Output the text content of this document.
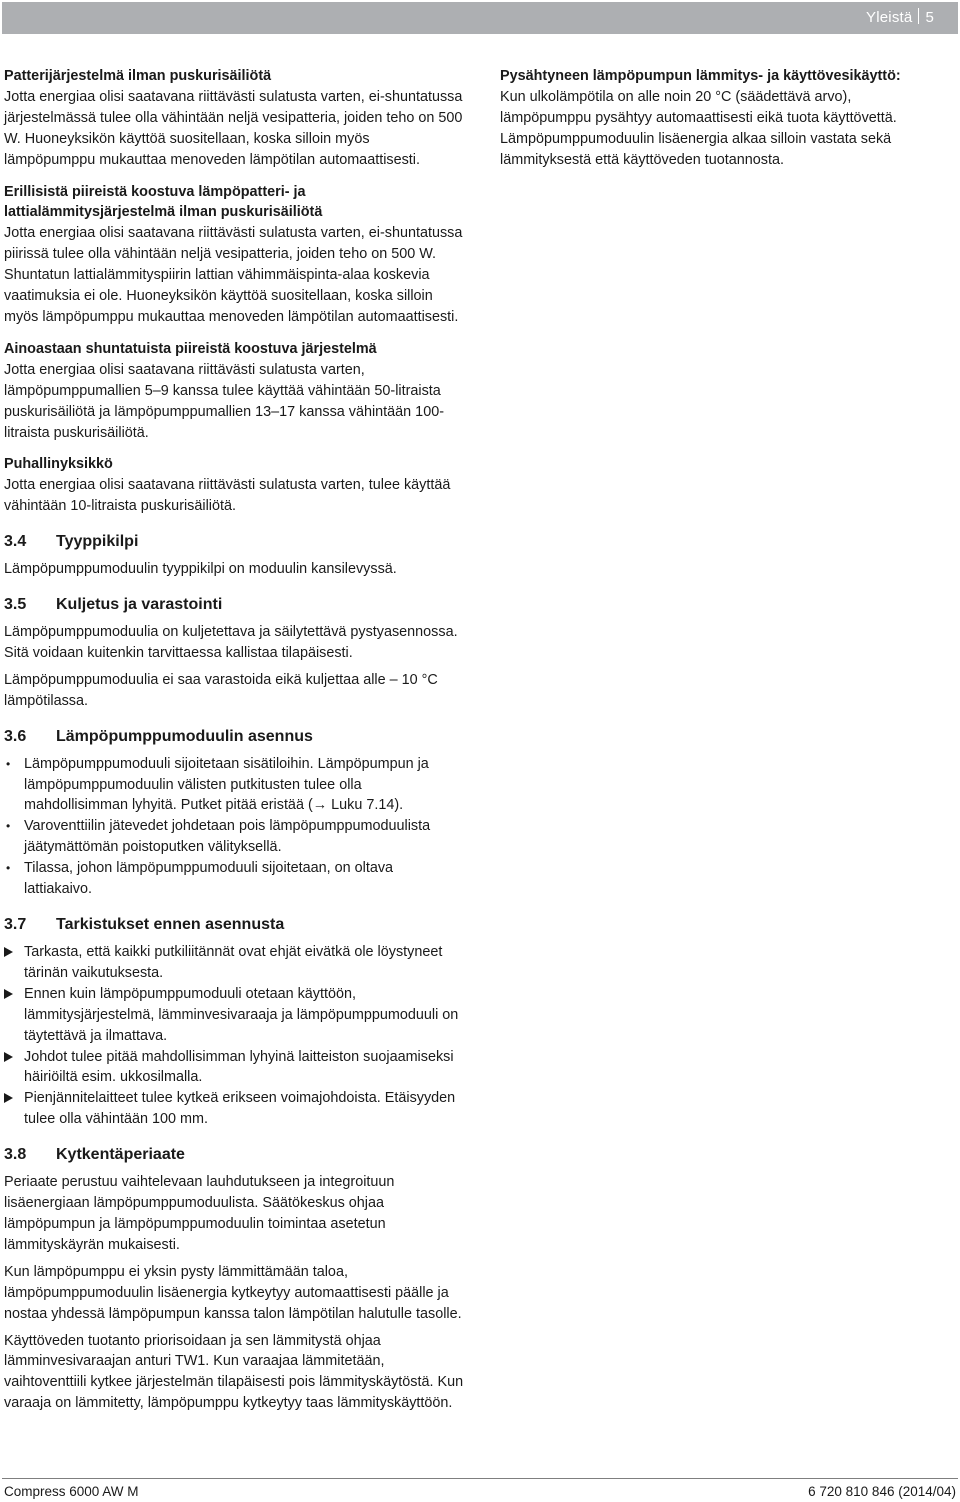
Yleistä 5

Patterijärjestelmä ilman puskurisäiliötä

Jotta energiaa olisi saatavana riittävästi sulatusta varten, ei-shuntatussa järjestelmässä tulee olla vähintään neljä vesipatteria, joiden teho on 500 W. Huoneyksikön käyttöä suositellaan, koska silloin myös lämpöpumppu mukauttaa menoveden lämpötilan automaattisesti.

Erillisistä piireistä koostuva lämpöpatteri- ja lattialämmitysjärjestelmä ilman puskurisäiliötä

Jotta energiaa olisi saatavana riittävästi sulatusta varten, ei-shuntatussa piirissä tulee olla vähintään neljä vesipatteria, joiden teho on 500 W. Shuntatun lattialämmityspiirin lattian vähimmäispinta-alaa koskevia vaatimuksia ei ole. Huoneyksikön käyttöä suositellaan, koska silloin myös lämpöpumppu mukauttaa menoveden lämpötilan automaattisesti.

Ainoastaan shuntatuista piireistä koostuva järjestelmä

Jotta energiaa olisi saatavana riittävästi sulatusta varten, lämpöpumppumallien 5–9 kanssa tulee käyttää vähintään 50-litraista puskurisäiliötä ja lämpöpumppumallien 13–17 kanssa vähintään 100-litraista puskurisäiliötä.

Puhallinyksikkö

Jotta energiaa olisi saatavana riittävästi sulatusta varten, tulee käyttää vähintään 10-litraista puskurisäiliötä.

3.4	Tyyppikilpi

Lämpöpumppumoduulin tyyppikilpi on moduulin kansilevyssä.

3.5	Kuljetus ja varastointi

Lämpöpumppumoduulia on kuljetettava ja säilytettävä pystyasennossa. Sitä voidaan kuitenkin tarvittaessa kallistaa tilapäisesti.

Lämpöpumppumoduulia ei saa varastoida eikä kuljettaa alle – 10 °C lämpötilassa.

3.6	Lämpöpumppumoduulin asennus
• Lämpöpumppumoduuli sijoitetaan sisätiloihin. Lämpöpumpun ja lämpöpumppumoduulin välisten putkitusten tulee olla mahdollisimman lyhyitä. Putket pitää eristää (→ Luku 7.14).
• Varoventtiilin jätevedet johdetaan pois lämpöpumppumoduulista jäätymättömän poistoputken välityksellä.
• Tilassa, johon lämpöpumppumoduuli sijoitetaan, on oltava lattiakaivo.
3.7	Tarkistukset ennen asennusta
Tarkasta, että kaikki putkiliitännät ovat ehjät eivätkä ole löystyneet tärinän vaikutuksesta.
Ennen kuin lämpöpumppumoduuli otetaan käyttöön, lämmitysjärjestelmä, lämminvesivaraaja ja lämpöpumppumoduuli on täytettävä ja ilmattava.
Johdot tulee pitää mahdollisimman lyhyinä laitteiston suojaamiseksi häiriöiltä esim. ukkosilmalla.
Pienjännitelaitteet tulee kytkeä erikseen voimajohdoista. Etäisyyden tulee olla vähintään 100 mm.
3.8	Kytkentäperiaate

Periaate perustuu vaihtelevaan lauhdutukseen ja integroituun lisäenergiaan lämpöpumppumoduulista. Säätökeskus ohjaa lämpöpumpun ja lämpöpumppumoduulin toimintaa asetetun lämmityskäyrän mukaisesti.

Kun lämpöpumppu ei yksin pysty lämmittämään taloa, lämpöpumppumoduulin lisäenergia kytkeytyy automaattisesti päälle ja nostaa yhdessä lämpöpumpun kanssa talon lämpötilan halutulle tasolle.

Käyttöveden tuotanto priorisoidaan ja sen lämmitystä ohjaa lämminvesivaraajan anturi TW1. Kun varaajaa lämmitetään, vaihtoventtiili kytkee järjestelmän tilapäisesti pois lämmityskäytöstä. Kun varaaja on lämmitetty, lämpöpumppu kytkeytyy taas lämmityskäyttöön.

Pysähtyneen lämpöpumpun lämmitys- ja käyttövesikäyttö:

Kun ulkolämpötila on alle noin 20 °C (säädettävä arvo), lämpöpumppu pysähtyy automaattisesti eikä tuota käyttövettä. Lämpöpumppumoduulin lisäenergia alkaa silloin vastata sekä lämmityksestä että käyttöveden tuotannosta.

Compress 6000 AW M	6 720 810 846 (2014/04)
